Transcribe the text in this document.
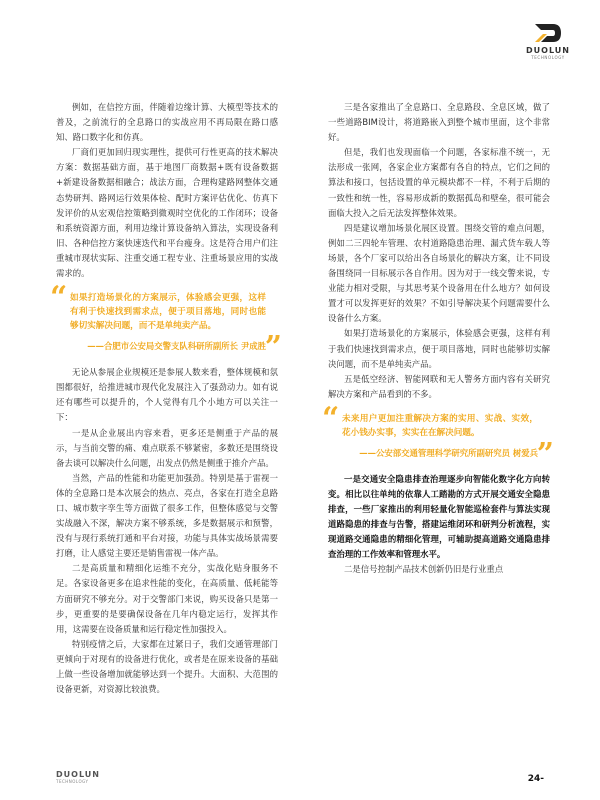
DUOLUN
TECHNOLOGY

例如，在信控方面，伴随着边缘计算、大模型等技术的普及，之前流行的全息路口的实战应用不再局限在路口感知、路口数字化和仿真。

厂商们更加回归现实理性，提供可行性更高的技术解决方案：数据基础方面，基于地图厂商数据+既有设备数据+新建设备数据相融合；战法方面，合理构建路网整体交通态势研判、路网运行效果体检、配时方案评估优化、仿真下发评价的从宏观信控策略到微观时空优化的工作闭环；设备和系统资源方面，利用边缘计算设备纳入算法，实现设备利旧、各种信控方案快速迭代和平台瘦身。这是符合用户们注重城市现状实际、注重交通工程专业、注重场景应用的实战需求的。

“ 如果打造场景化的方案展示，体验感会更强，这样有利于快速找到需求点，便于项目落地，同时也能够切实解决问题，而不是单纯卖产品。

——合肥市公安局交警支队科研所副所长 尹成胜

”

无论从参展企业规模还是参展人数来看，整体规模和氛围都很好，给推进城市现代化发展注入了强劲动力。如有说还有哪些可以提升的，个人觉得有几个小地方可以关注一下：

一是从企业展出内容来看，更多还是侧重于产品的展示，与当前交警的痛、难点联系不够紧密，多数还是围绕设备去谈可以解决什么问题，出发点仍然是侧重于推介产品。

当然，产品的性能和功能更加强劲。特别是基于雷视一体的全息路口是本次展会的热点、亮点，各家在打造全息路口、城市数字孪生等方面做了很多工作，但整体感觉与交警实战融入不深，解决方案不够系统，多是数据展示和预警，没有与现行系统打通和平台对接，功能与具体实战场景需要打磨，让人感觉主要还是销售雷视一体产品。

二是高质量和精细化运维不充分，实战化贴身服务不足。各家设备更多在追求性能的变化，在高质量、低耗能等方面研究不够充分。对于交警部门来说，购买设备只是第一步，更重要的是要确保设备在几年内稳定运行，发挥其作用，这需要在设备质量和运行稳定性加强投入。

特别疫情之后，大家都在过紧日子，我们交通管理部门更倾向于对现有的设备进行优化，或者是在原来设备的基础上做一些设备增加就能够达到一个提升。大面积、大范围的设备更新，对资源比较浪费。

三是各家推出了全息路口、全息路段、全息区域，做了一些道路BIM设计，将道路嵌入到整个城市里面，这个非常好。

但是，我们也发现面临一个问题，各家标准不统一，无法形成一张网，各家企业方案都有各自的特点，它们之间的算法和接口，包括设置的单元模块都不一样，不利于后期的一致性和统一性，容易形成新的数据孤岛和壁垒，很可能会面临大投入之后无法发挥整体效果。

四是建议增加场景化展区设置。围绕交管的难点问题，例如二三四轮车管理、农村道路隐患治理、漏式货车载人等场景，各个厂家可以给出各自场景化的解决方案，让不同设备围绕同一目标展示各自作用。因为对于一线交警来说，专业能力相对受限，与其思考某个设备用在什么地方？如何设置才可以发挥更好的效果？不如引导解决某个问题需要什么设备什么方案。

如果打造场景化的方案展示，体验感会更强，这样有利于我们快速找到需求点，便于项目落地，同时也能够切实解决问题，而不是单纯卖产品。

五是低空经济、智能网联和无人警务方面内容有关研究解决方案和产品看到的不多。

“ 未来用户更加注重解决方案的实用、实战、实效，花小钱办实事，实实在在解决问题。

——公安部交通管理科学研究所副研究员 树爱兵

”

一是交通安全隐患排查治理逐步向智能化数字化方向转变。相比以往单纯的依靠人工踏勘的方式开展交通安全隐患排查，一些厂家推出的利用轻量化智能巡检套件与算法实现道路隐患的排查与告警，搭建运维闭环和研判分析流程，实现道路交通隐患的精细化管理，可辅助提高道路交通隐患排查治理的工作效率和管理水平。

二是信号控制产品技术创新仍旧是行业重点

DUOLUN
TECHNOLOGY	24-
